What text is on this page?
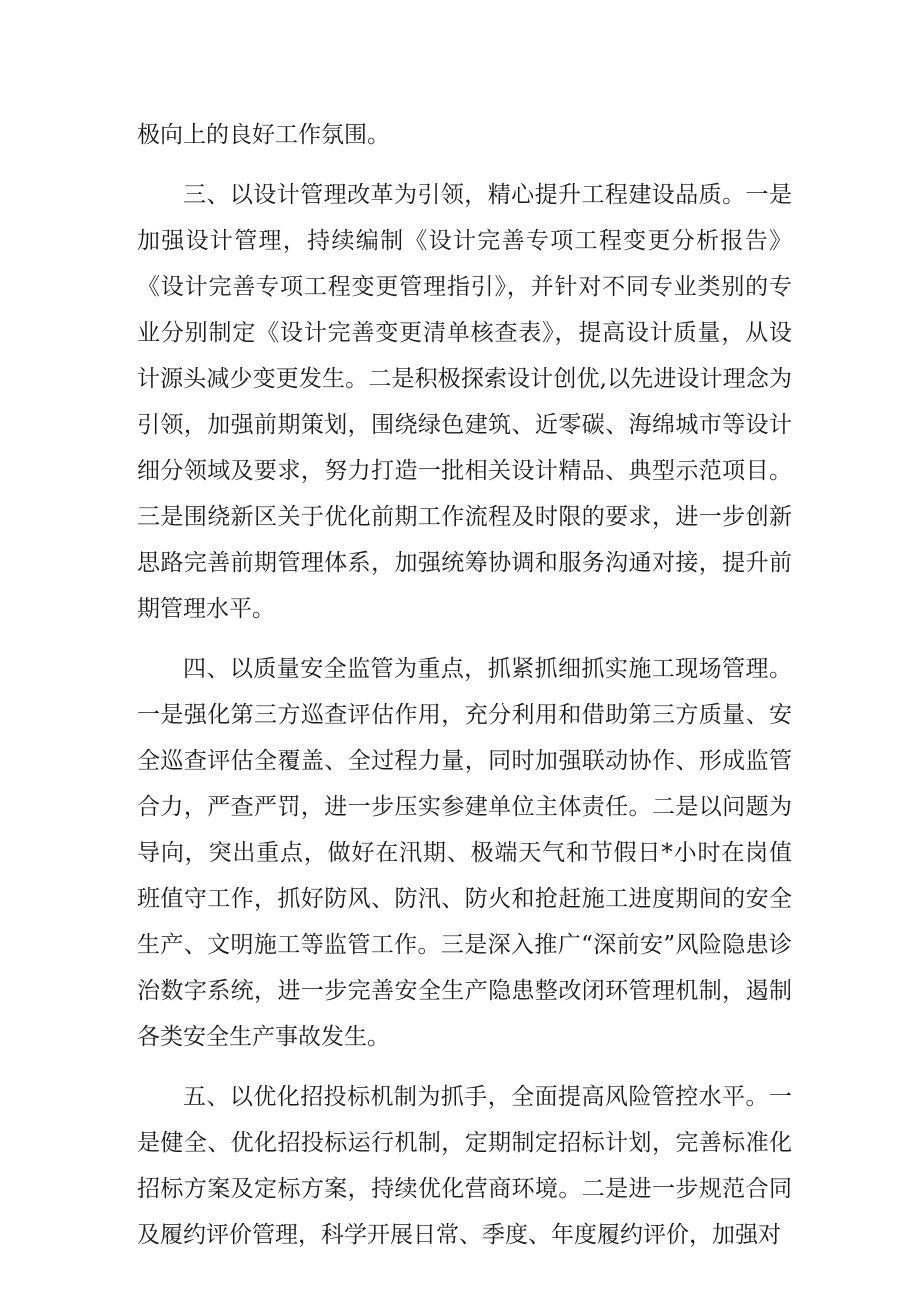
极向上的良好工作氛围。

三、以设计管理改革为引领，精心提升工程建设品质。一是加强设计管理，持续编制《设计完善专项工程变更分析报告》《设计完善专项工程变更管理指引》，并针对不同专业类别的专业分别制定《设计完善变更清单核查表》，提高设计质量，从设计源头减少变更发生。二是积极探索设计创优,以先进设计理念为引领，加强前期策划，围绕绿色建筑、近零碳、海绵城市等设计细分领域及要求，努力打造一批相关设计精品、典型示范项目。三是围绕新区关于优化前期工作流程及时限的要求，进一步创新思路完善前期管理体系，加强统筹协调和服务沟通对接，提升前期管理水平。

四、以质量安全监管为重点，抓紧抓细抓实施工现场管理。一是强化第三方巡查评估作用，充分利用和借助第三方质量、安全巡查评估全覆盖、全过程力量，同时加强联动协作、形成监管合力，严查严罚，进一步压实参建单位主体责任。二是以问题为导向，突出重点，做好在汛期、极端天气和节假日*小时在岗值班值守工作，抓好防风、防汛、防火和抢赶施工进度期间的安全生产、文明施工等监管工作。三是深入推广“深前安”风险隐患诊治数字系统，进一步完善安全生产隐患整改闭环管理机制，遏制各类安全生产事故发生。

五、以优化招投标机制为抓手，全面提高风险管控水平。一是健全、优化招投标运行机制，定期制定招标计划，完善标准化招标方案及定标方案，持续优化营商环境。二是进一步规范合同及履约评价管理，科学开展日常、季度、年度履约评价，加强对
